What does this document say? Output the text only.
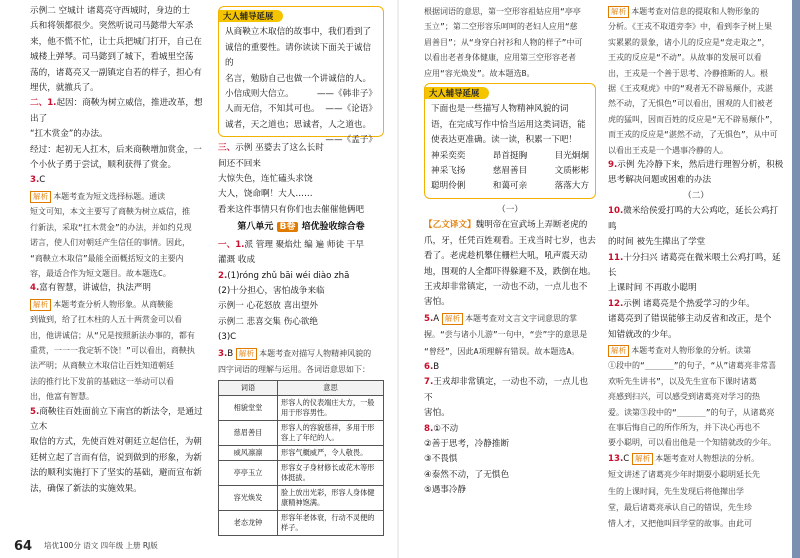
示例二 空城计 诸葛亮守西城时，身边的士
兵和将领都很少。突然听说司马懿带大军杀
来，他不慌不忙，让士兵把城门打开，自己在
城楼上弹琴。司马懿到了城下，看城里空荡
荡的，诸葛亮又一副镇定自若的样子，担心有
埋伏，就撤兵了。
二、1.起因：商鞅为树立威信，推进改革，想出了
“扛木赏金”的办法。
经过：起初无人扛木，后来商鞅增加赏金，一
个小伙子勇于尝试，顺利获得了赏金。
3.C
解析 本题考查为短文选择标题。通读
短文可知，本文主要写了商鞅为树立威信，推
行新法，采取“扛木赏金”的办法，并如约兑现
诺言，使人们对朝廷产生信任的事情。因此，
“商鞅立木取信”最能全面概括短文的主要内
容，最适合作为短文题目。故本题选C。
4.富有智慧，讲诚信，执法严明
解析 本题考查分析人物形象。从商鞅能
到做到，给了扛木柱的人五十两赏金可以看
出，他讲诚信；从“兄是按照新法办事的，都有
重赏，一一一我定斩不饶！”可以看出，商鞅执
法严明；从商鞅立木取信让百姓知道朝廷
法的推行比下发前的基础这一举动可以看
出，他富有智慧。
5.商鞅往百姓面前立下南宫的新法令，是通过立木
取信的方式，先使百姓对朝廷立起信任，为朝
廷树立起了言而有信，说到做到的形象，为新
法的顺利实施打下了坚实的基础，避而宣布新
法，确保了新法的实施效果。
大人辅导延展
从商鞅立木取信的故事中，我们看到了
诚信的重要性。请你读读下面关于诚信的
名言，勉励自己也做一个讲诚信的人。
小信成则大信立。	——《韩非子》
人而无信，不知其可也。 ——《论语》
诚者，天之道也；思诚者，人之道也。
——《孟子》
三、示例 巫婆去了这么长时间还不回来
大惊失色，连忙磕头求饶
大人，饶命啊！大人……
看来这件事情只有你们也去催催他俩吧
第八单元 B卷 培优验收综合卷
一、1.派 管理 聚焰灶 编 遍 师徒 干早
灌溉 收成
2.(1)róng zhǔ bāi wéi diào zhā
(2)十分担心，害怕战争来临
示例一 心花怒放 喜出望外
示例二 悲喜交集 伤心欲绝
(3)C
3.B 解析 本题考查对描写人物精神风貌的
四字词语的理解与运用。各词语意思如下：
词语	意思
相貌堂堂	形容人的仪表端庄大方，一般用于形容男性。
慈眉善目	形容人的容貌慈祥，多用于形容上了年纪的人。
威风凛凛	形容气概威严，令人敬畏。
亭亭玉立	形容女子身材修长或花木等形体挺拔。
容光焕发	脸上放出光彩，形容人身体健康精神饱满。
老态龙钟	形容年老体衰，行动不灵便的样子。
根据词语的意思，第一空形容祖姑应用“亭亭
玉立”；第二空形容乐呵呵的老妇人应用“慈
眉善目”；从“身穿白衬衫和人物的样子”中可
以看出老者身体健康，应用第三空形容老者
应用“容光焕发”。故本题选B。
大人辅导延展
下面也是一些描写人物精神风貌的词
语，在完成写作中恰当运用这类词语，能
使表达更准确。读一读，积累一下吧！
神采奕奕	昂首挺胸	目光炯炯
神采飞扬	慈眉善目	文质彬彬
聪明伶俐	和蔼可亲	落落大方
（一）
【乙文译文】魏明帝在宣武场上弄断老虎的
爪，牙，任凭百姓观看。王戎当时七岁，也去
看了。老虎趁机攀住栅栏大吼，吼声震天动
地，围观的人全都吓得躲避不及，跌倒在地。
王戎却非常镇定，一动也不动，一点儿也不
害怕。
5.A 解析 本题考查对文言文字词意思的掌
握。“尝与诸小儿游”一句中，“尝”字的意思是
“曾经”，因此A项理解有错误。故本题选A。
6.B
7.王戎却非常镇定，一动也不动，一点儿也不
害怕。
8.①不动
②善于思考，冷静推断
③不畏惧
④泰然不动，了无惧色
⑤遇事冷静
解析 本题考查对信息的提取和人物形象的
分析。《王戎不取道旁李》中，看到李子树上果
实累累的景象，诸小儿的反应是“竞走取之”，
王戎的反应是“不动”。从故事的发展可以看
出，王戎是一个善于思考、冷静推断的人。根
据《王戎观虎》中的“观者无不辟易颠仆，戎湛
然不动，了无惧色”可以看出，围观的人们被老
虎的猛叫，因而百姓的反应是“无不辟易颠仆”，
而王戎的反应是“湛然不动，了无惧色”，从中可
以看出王戎是一个遇事冷静的人。
9.示例 先冷静下来，然后进行理智分析，积极
思考解决问题或困难的办法
（二）
10.微米给侯爱打鸣的大公鸡吃，延长公鸡打鸣
的时间 被先生撵出了学堂
11.十分扫兴 诸葛亮在微米喂土公鸡打鸣，延长
上课时间 不再敢小聪明
12.示例 诸葛亮是个热爱学习的少年。
诸葛亮到了错误能够主动反省和改正，是个
知错就改的少年。
解析 本题考查对人物形象的分析。读第
①段中的“______”的句子，“从”诸葛亮非常喜
欢听先生讲书”，以及先生宣布下课时诸葛
亮感到扫兴，可以感受到诸葛亮对学习的热
爱。读第③段中的“______”的句子，从诸葛亮
在事后悔自己的所作所为，并下决心再也不
要小聪明，可以看出他是一个知错就改的少年。
13.C 解析 本题考查对人物想法的分析。
短文讲述了诸葛亮少年时期耍小聪明延长先
生的上课时间，先生发现后将他撵出学
堂，最后诸葛亮承认自己的错误，先生珍
惜人才，又把他叫回学堂的故事。由此可
64 培优100分 语文 四年级 上册 RJ版
